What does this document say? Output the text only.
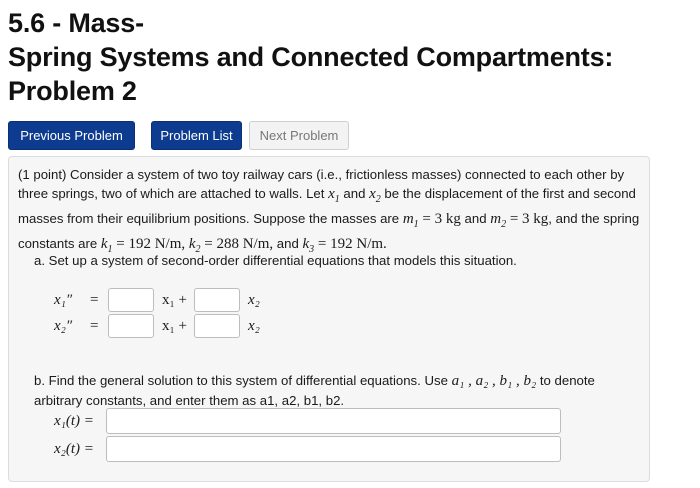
5.6 - Mass-
Spring Systems and Connected Compartments:
Problem 2
Previous Problem	Problem List	Next Problem
(1 point) Consider a system of two toy railway cars (i.e., frictionless masses) connected to each other by three springs, two of which are attached to walls. Let $x_1$ and $x_2$ be the displacement of the first and second masses from their equilibrium positions. Suppose the masses are $m_1 = 3$ kg and $m_2 = 3$ kg, and the spring constants are $k_1 = 192$ N/m, $k_2 = 288$ N/m, and $k_3 = 192$ N/m.
a. Set up a system of second-order differential equations that models this situation.
x₁″	=	x₁ +	x₂
x₂″	=	x₁ +	x₂
b. Find the general solution to this system of differential equations. Use a₁ , a₂ , b₁ , b₂ to denote arbitrary constants, and enter them as a1, a2, b1, b2.
x₁(t) =
x₂(t) =
